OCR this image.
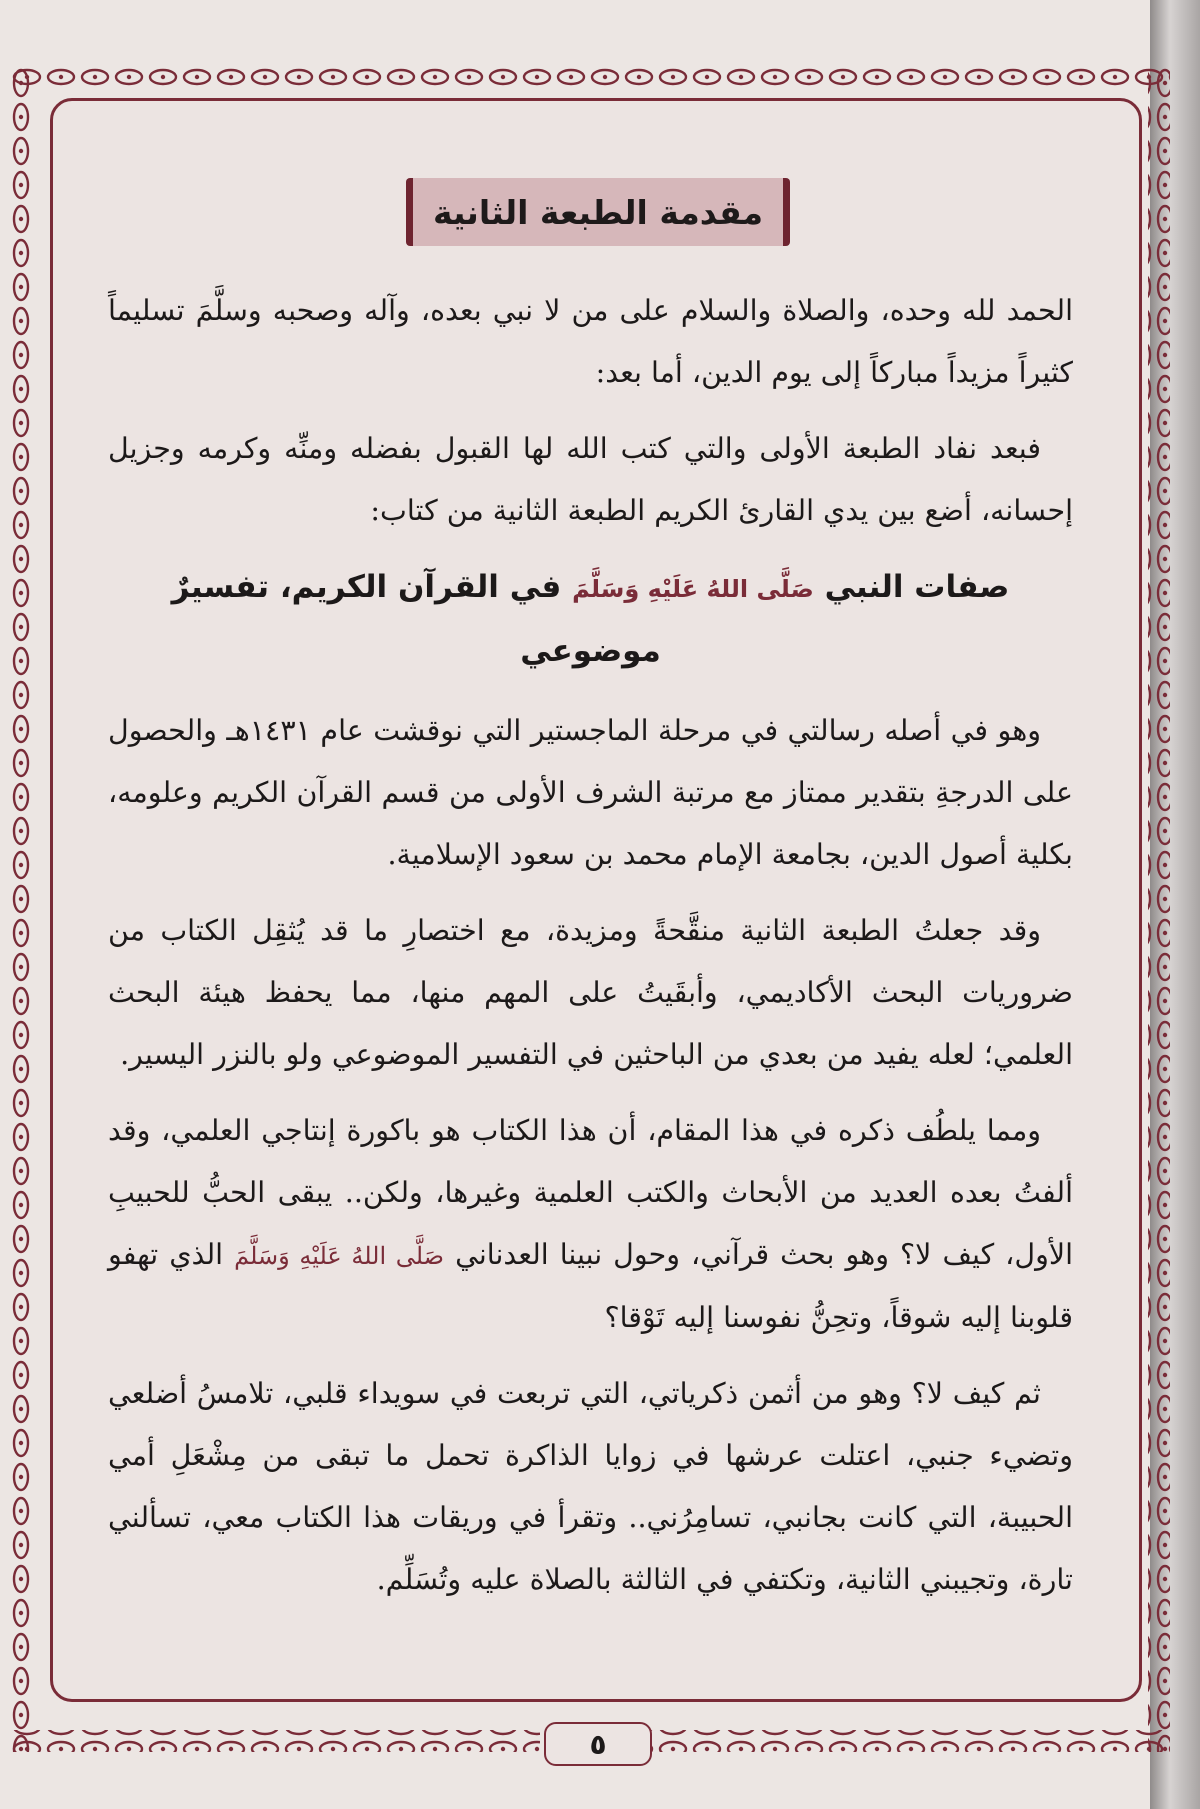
مقدمة الطبعة الثانية

الحمد لله وحده، والصلاة والسلام على من لا نبي بعده، وآله وصحبه وسلَّمَ تسليماً كثيراً مزيداً مباركاً إلى يوم الدين، أما بعد:

فبعد نفاد الطبعة الأولى والتي كتب الله لها القبول بفضله ومنِّه وكرمه وجزيل إحسانه، أضع بين يدي القارئ الكريم الطبعة الثانية من كتاب:

صفات النبي صَلَّى اللهُ عَلَيْهِ وَسَلَّمَ في القرآن الكريم، تفسيرٌ موضوعي

وهو في أصله رسالتي في مرحلة الماجستير التي نوقشت عام ١٤٣١هـ والحصول على الدرجةِ بتقدير ممتاز مع مرتبة الشرف الأولى من قسم القرآن الكريم وعلومه، بكلية أصول الدين، بجامعة الإمام محمد بن سعود الإسلامية.

وقد جعلتُ الطبعة الثانية منقَّحةً ومزيدة، مع اختصارِ ما قد يُثقِل الكتاب من ضروريات البحث الأكاديمي، وأبقَيتُ على المهم منها، مما يحفظ هيئة البحث العلمي؛ لعله يفيد من بعدي من الباحثين في التفسير الموضوعي ولو بالنزر اليسير.

ومما يلطُف ذكره في هذا المقام، أن هذا الكتاب هو باكورة إنتاجي العلمي، وقد ألفتُ بعده العديد من الأبحاث والكتب العلمية وغيرها، ولكن.. يبقى الحبُّ للحبيبِ الأول، كيف لا؟ وهو بحث قرآني، وحول نبينا العدناني صَلَّى اللهُ عَلَيْهِ وَسَلَّمَ الذي تهفو قلوبنا إليه شوقاً، وتحِنُّ نفوسنا إليه تَوْقا؟

ثم كيف لا؟ وهو من أثمن ذكرياتي، التي تربعت في سويداء قلبي، تلامسُ أضلعي وتضيء جنبي، اعتلت عرشها في زوايا الذاكرة تحمل ما تبقى من مِشْعَلِ أمي الحبيبة، التي كانت بجانبي، تسامِرُني.. وتقرأ في وريقات هذا الكتاب معي، تسألني تارة، وتجيبني الثانية، وتكتفي في الثالثة بالصلاة عليه وتُسَلِّم.

٥
